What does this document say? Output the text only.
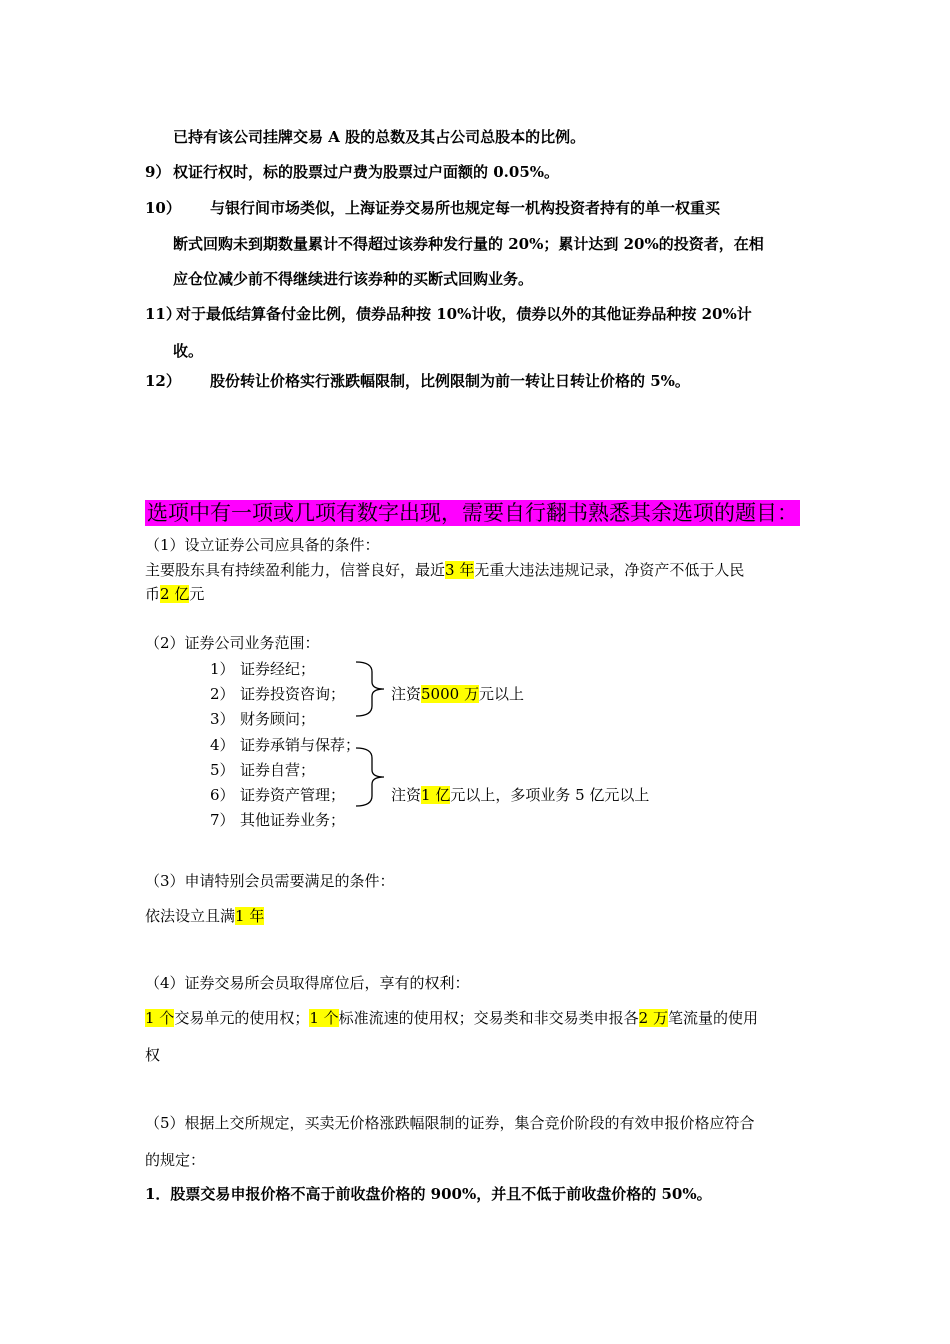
已持有该公司挂牌交易 A 股的总数及其占公司总股本的比例。
9） 权证行权时，标的股票过户费为股票过户面额的 0.05%。
10） 与银行间市场类似，上海证券交易所也规定每一机构投资者持有的单一权重买
断式回购未到期数量累计不得超过该券种发行量的 20%；累计达到 20%的投资者，在相
应仓位减少前不得继续进行该券种的买断式回购业务。
11）
对于最低结算备付金比例，债券品种按 10%计收，债券以外的其他证券品种按 20%计
收。
12） 股份转让价格实行涨跌幅限制，比例限制为前一转让日转让价格的 5%。
选项中有一项或几项有数字出现，需要自行翻书熟悉其余选项的题目：
（1）设立证券公司应具备的条件：
主要股东具有持续盈利能力，信誉良好，最近3 年无重大违法违规记录，净资产不低于人民
币2 亿元
（2）证券公司业务范围：
1） 证券经纪；
2） 证券投资咨询；
3） 财务顾问；
4） 证券承销与保荐；
5） 证券自营；
6） 证券资产管理；
7） 其他证券业务；
注资5000 万元以上
注资1 亿元以上，多项业务 5 亿元以上
（3）申请特别会员需要满足的条件：
依法设立且满1 年
（4）证券交易所会员取得席位后，享有的权利：
1 个交易单元的使用权；1 个标准流速的使用权；交易类和非交易类申报各2 万笔流量的使用
权
（5）根据上交所规定，买卖无价格涨跌幅限制的证券，集合竞价阶段的有效申报价格应符合
的规定：
1．股票交易申报价格不高于前收盘价格的 900%，并且不低于前收盘价格的 50%。
